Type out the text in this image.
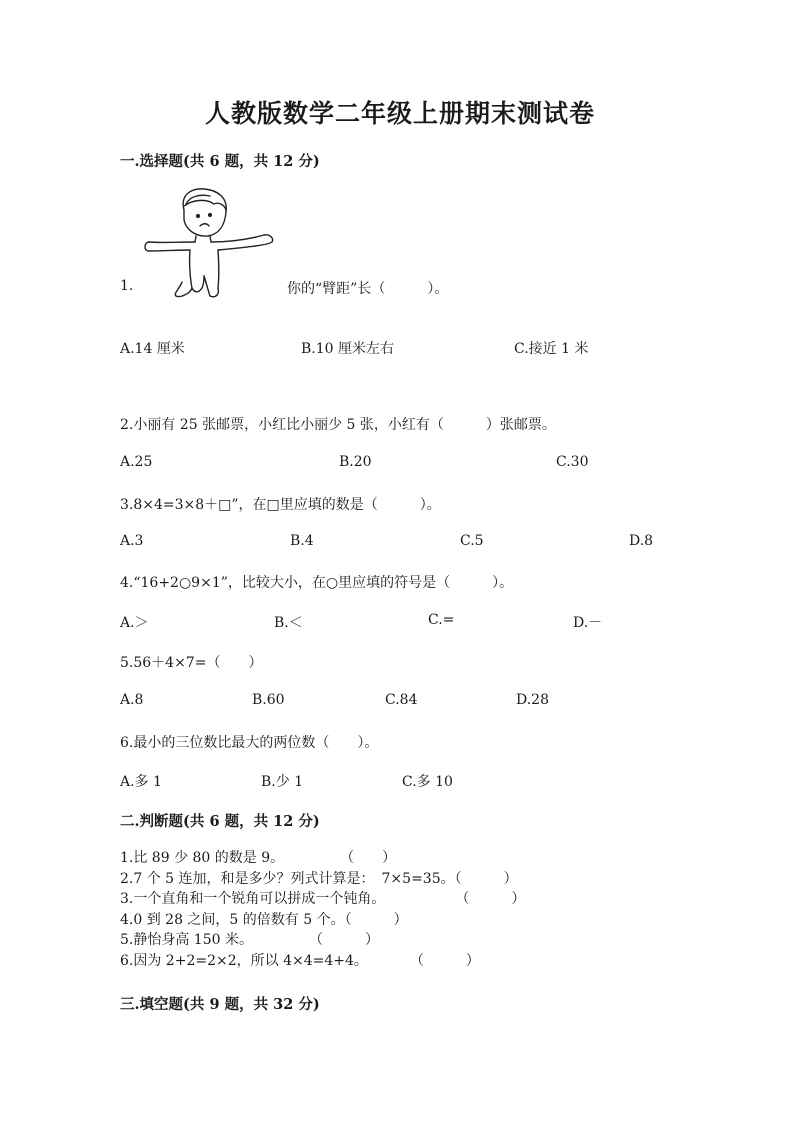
人教版数学二年级上册期末测试卷
一.选择题(共 6 题，共 12 分)
1.	你的“臂距”长（　　　）。
A.14 厘米	B.10 厘米左右	C.接近 1 米
2.小丽有 25 张邮票，小红比小丽少 5 张，小红有（　　　）张邮票。
A.25	B.20	C.30
3.8×4=3×8＋□”，在□里应填的数是（　　　）。
A.3	B.4	C.5	D.8
4.“16+2○9×1”，比较大小，在○里应填的符号是（　　　）。
A.＞	B.＜	C.=	D.－
5.56＋4×7=（　　）
A.8	B.60	C.84	D.28
6.最小的三位数比最大的两位数（　　）。
A.多 1	B.少 1	C.多 10
二.判断题(共 6 题，共 12 分)
1.比 89 少 80 的数是 9。　　　　　（　　）
2.7 个 5 连加，和是多少？列式计算是：　7×5=35。（　　　）
3.一个直角和一个锐角可以拼成一个钝角。　　　　　　（　　　）
4.0 到 28 之间，5 的倍数有 5 个。（　　　）
5.静怡身高 150 米。　　　　　（　　　）
6.因为 2+2=2×2，所以 4×4=4+4。　　　　（　　　）
三.填空题(共 9 题，共 32 分)
